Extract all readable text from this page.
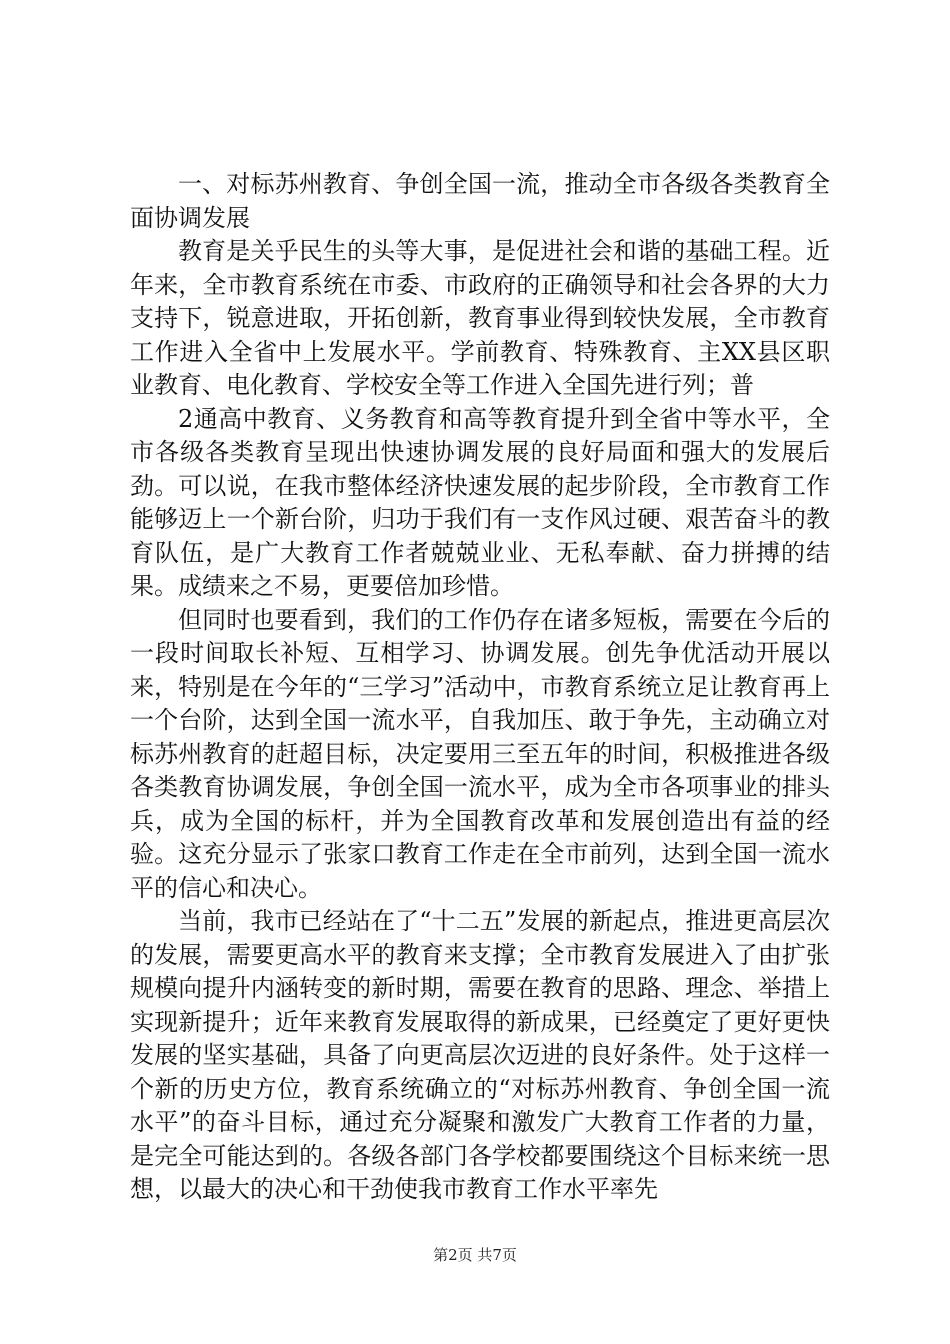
一、对标苏州教育、争创全国一流，推动全市各级各类教育全面协调发展

教育是关乎民生的头等大事，是促进社会和谐的基础工程。近年来，全市教育系统在市委、市政府的正确领导和社会各界的大力支持下，锐意进取，开拓创新，教育事业得到较快发展，全市教育工作进入全省中上发展水平。学前教育、特殊教育、主XX县区职业教育、电化教育、学校安全等工作进入全国先进行列；普

2通高中教育、义务教育和高等教育提升到全省中等水平，全市各级各类教育呈现出快速协调发展的良好局面和强大的发展后劲。可以说，在我市整体经济快速发展的起步阶段，全市教育工作能够迈上一个新台阶，归功于我们有一支作风过硬、艰苦奋斗的教育队伍，是广大教育工作者兢兢业业、无私奉献、奋力拼搏的结果。成绩来之不易，更要倍加珍惜。

但同时也要看到，我们的工作仍存在诸多短板，需要在今后的一段时间取长补短、互相学习、协调发展。创先争优活动开展以来，特别是在今年的“三学习”活动中，市教育系统立足让教育再上一个台阶，达到全国一流水平，自我加压、敢于争先，主动确立对标苏州教育的赶超目标，决定要用三至五年的时间，积极推进各级各类教育协调发展，争创全国一流水平，成为全市各项事业的排头兵，成为全国的标杆，并为全国教育改革和发展创造出有益的经验。这充分显示了张家口教育工作走在全市前列，达到全国一流水平的信心和决心。

当前，我市已经站在了“十二五”发展的新起点，推进更高层次的发展，需要更高水平的教育来支撑；全市教育发展进入了由扩张规模向提升内涵转变的新时期，需要在教育的思路、理念、举措上实现新提升；近年来教育发展取得的新成果，已经奠定了更好更快发展的坚实基础，具备了向更高层次迈进的良好条件。处于这样一个新的历史方位，教育系统确立的“对标苏州教育、争创全国一流水平”的奋斗目标，通过充分凝聚和激发广大教育工作者的力量，是完全可能达到的。各级各部门各学校都要围绕这个目标来统一思想，以最大的决心和干劲使我市教育工作水平率先

第2页 共7页
